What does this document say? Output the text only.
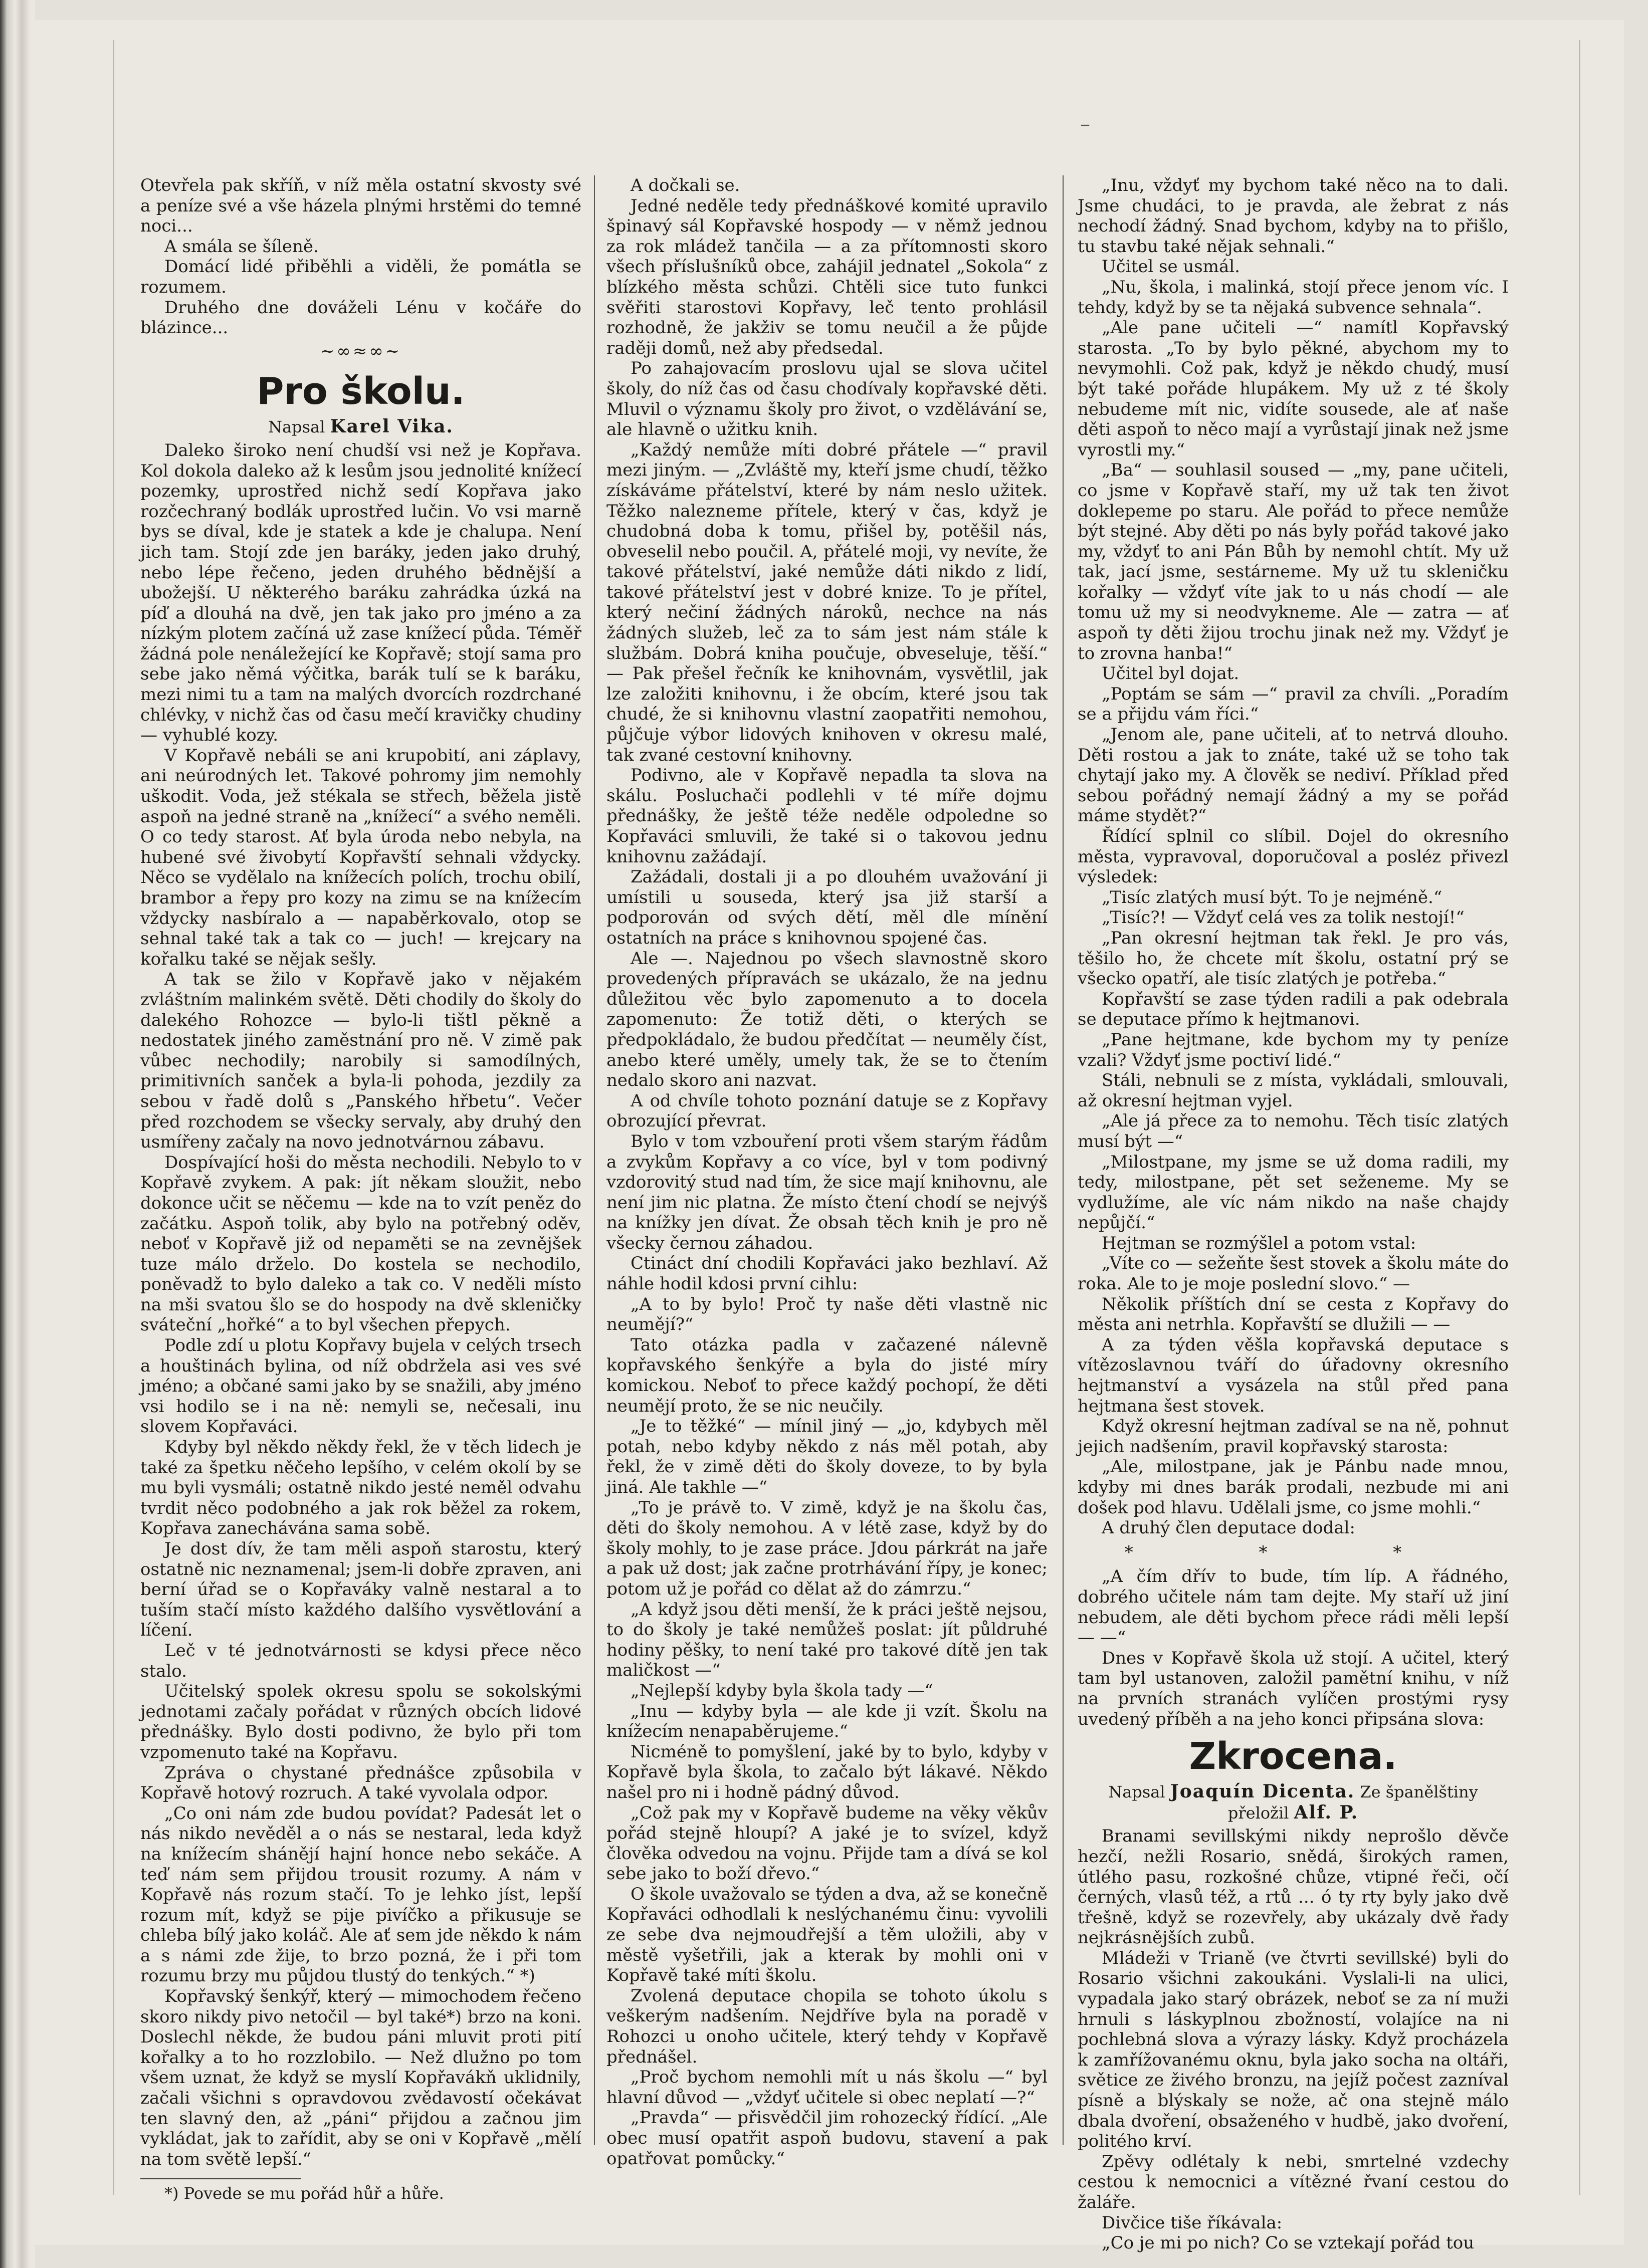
–

Otevřela pak skříň, v níž měla ostatní skvosty své a peníze své a vše házela plnými hrstěmi do temné noci...

A smála se šíleně.

Domácí lidé přiběhli a viděli, že pomátla se rozumem.

Druhého dne dováželi Lénu v kočáře do blázince...

~∞≈∞~
Pro školu.
Napsal Karel Vika.

Daleko široko není chudší vsi než je Kopřava. Kol dokola daleko až k lesům jsou jednolité knížecí pozemky, uprostřed nichž sedí Kopřava jako rozčechraný bodlák uprostřed lučin. Vo vsi marně bys se díval, kde je statek a kde je chalupa. Není jich tam. Stojí zde jen baráky, jeden jako druhý, nebo lépe řečeno, jeden druhého bědnější a ubožejší. U některého baráku zahrádka úzká na píď a dlouhá na dvě, jen tak jako pro jméno a za nízkým plotem začíná už zase knížecí půda. Téměř žádná pole nenáležející ke Kopřavě; stojí sama pro sebe jako němá výčitka, barák tulí se k baráku, mezi nimi tu a tam na malých dvorcích rozdrchané chlévky, v nichž čas od času mečí kravičky chudiny — vyhublé kozy.

V Kopřavě nebáli se ani krupobití, ani záplavy, ani neúrodných let. Takové pohromy jim nemohly uškodit. Voda, jež stékala se střech, běžela jistě aspoň na jedné straně na „knížecí“ a svého neměli. O co tedy starost. Ať byla úroda nebo nebyla, na hubené své živobytí Kopřavští sehnali vždycky. Něco se vydělalo na knížecích polích, trochu obilí, brambor a řepy pro kozy na zimu se na knížecím vždycky nasbíralo a — napaběrkovalo, otop se sehnal také tak a tak co — juch! — krejcary na kořalku také se nějak sešly.

A tak se žilo v Kopřavě jako v nějakém zvláštním malinkém světě. Děti chodily do školy do dalekého Rohozce — bylo-li tištl pěkně a nedostatek jiného zaměstnání pro ně. V zimě pak vůbec nechodily; narobily si samodílných, primitivních sanček a byla-li pohoda, jezdily za sebou v řadě dolů s „Panského hřbetu“. Večer před rozchodem se všecky servaly, aby druhý den usmířeny začaly na novo jednotvárnou zábavu.

Dospívající hoši do města nechodili. Nebylo to v Kopřavě zvykem. A pak: jít někam sloužit, nebo dokonce učit se něčemu — kde na to vzít peněz do začátku. Aspoň tolik, aby bylo na potřebný oděv, neboť v Kopřavě již od nepaměti se na zevnějšek tuze málo drželo. Do kostela se nechodilo, poněvadž to bylo daleko a tak co. V neděli místo na mši svatou šlo se do hospody na dvě skleničky sváteční „hořké“ a to byl všechen přepych.

Podle zdí u plotu Kopřavy bujela v celých trsech a houštinách bylina, od níž obdržela asi ves své jméno; a občané sami jako by se snažili, aby jméno vsi hodilo se i na ně: nemyli se, nečesali, inu slovem Kopřaváci.

Kdyby byl někdo někdy řekl, že v těch lidech je také za špetku něčeho lepšího, v celém okolí by se mu byli vysmáli; ostatně nikdo jesté neměl odvahu tvrdit něco podobného a jak rok běžel za rokem, Kopřava zanechávána sama sobě.

Je dost dív, že tam měli aspoň starostu, který ostatně nic neznamenal; jsem-li dobře zpraven, ani berní úřad se o Kopřaváky valně nestaral a to tuším stačí místo každého dalšího vysvětlování a líčení.

Leč v té jednotvárnosti se kdysi přece něco stalo.

Učitelský spolek okresu spolu se sokolskými jednotami začaly pořádat v různých obcích lidové přednášky. Bylo dosti podivno, že bylo při tom vzpomenuto také na Kopřavu.

Zpráva o chystané přednášce způsobila v Kopřavě hotový rozruch. A také vyvolala odpor.

„Co oni nám zde budou povídat? Padesát let o nás nikdo nevěděl a o nás se nestaral, leda když na knížecím shánějí hajní honce nebo sekáče. A teď nám sem přijdou trousit rozumy. A nám v Kopřavě nás rozum stačí. To je lehko jíst, lepší rozum mít, když se pije pivíčko a přikusuje se chleba bílý jako koláč. Ale ať sem jde někdo k nám a s námi zde žije, to brzo pozná, že i při tom rozumu brzy mu půjdou tlustý do tenkých.“ *)

Kopřavský šenkýř, který — mimochodem řečeno skoro nikdy pivo netočil — byl také*) brzo na koni. Doslechl někde, že budou páni mluvit proti pití kořalky a to ho rozzlobilo. — Než dlužno po tom všem uznat, že když se myslí Kopřavákň uklidnily, začali všichni s opravdovou zvědavostí očekávat ten slavný den, až „páni“ přijdou a začnou jim vykládat, jak to zařídit, aby se oni v Kopřavě „mělí na tom světě lepší.“

*) Povede se mu pořád hůř a hůře.

A dočkali se.

Jedné neděle tedy přednáškové komité upravilo špinavý sál Kopřavské hospody — v němž jednou za rok mládež tančila — a za přítomnosti skoro všech příslušníků obce, zahájil jednatel „Sokola“ z blízkého města schůzi. Chtěli sice tuto funkci svěřiti starostovi Kopřavy, leč tento prohlásil rozhodně, že jakživ se tomu neučil a že půjde raději domů, než aby předsedal.

Po zahajovacím proslovu ujal se slova učitel školy, do níž čas od času chodívaly kopřavské děti. Mluvil o významu školy pro život, o vzdělávání se, ale hlavně o užitku knih.

„Každý nemůže míti dobré přátele —“ pravil mezi jiným. — „Zvláště my, kteří jsme chudí, těžko získáváme přátelství, které by nám neslo užitek. Těžko nalezneme přítele, který v čas, když je chudobná doba k tomu, přišel by, potěšil nás, obveselil nebo poučil. A, přátelé moji, vy nevíte, že takové přátelství, jaké nemůže dáti nikdo z lidí, takové přátelství jest v dobré knize. To je přítel, který nečiní žádných nároků, nechce na nás žádných služeb, leč za to sám jest nám stále k službám. Dobrá kniha poučuje, obveseluje, těší.“ — Pak přešel řečník ke knihovnám, vysvětlil, jak lze založiti knihovnu, i že obcím, které jsou tak chudé, že si knihovnu vlastní zaopatřiti nemohou, půjčuje výbor lidových knihoven v okresu malé, tak zvané cestovní knihovny.

Podivno, ale v Kopřavě nepadla ta slova na skálu. Posluchači podlehli v té míře dojmu přednášky, že ještě téže neděle odpoledne so Kopřaváci smluvili, že také si o takovou jednu knihovnu zažádají.

Zažádali, dostali ji a po dlouhém uvažování ji umístili u souseda, který jsa již starší a podporován od svých dětí, měl dle mínění ostatních na práce s knihovnou spojené čas.

Ale —. Najednou po všech slavnostně skoro provedených přípravách se ukázalo, že na jednu důležitou věc bylo zapomenuto a to docela zapomenuto: Že totiž děti, o kterých se předpokládalo, že budou předčítat — neuměly číst, anebo které uměly, umely tak, že se to čtením nedalo skoro ani nazvat.

A od chvíle tohoto poznání datuje se z Kopřavy obrozující převrat.

Bylo v tom vzbouření proti všem starým řádům a zvykům Kopřavy a co více, byl v tom podivný vzdorovitý stud nad tím, že sice mají knihovnu, ale není jim nic platna. Že místo čtení chodí se nejvýš na knížky jen dívat. Že obsah těch knih je pro ně všecky černou záhadou.

Ctináct dní chodili Kopřaváci jako bezhlaví. Až náhle hodil kdosi první cihlu:

„A to by bylo! Proč ty naše děti vlastně nic neumějí?“

Tato otázka padla v začazené nálevně kopřavského šenkýře a byla do jisté míry komickou. Neboť to přece každý pochopí, že děti neumějí proto, že se nic neučily.

„Je to těžké“ — mínil jiný — „jo, kdybych měl potah, nebo kdyby někdo z nás měl potah, aby řekl, že v zimě děti do školy doveze, to by byla jiná. Ale takhle —“

„To je právě to. V zimě, když je na školu čas, děti do školy nemohou. A v létě zase, když by do školy mohly, to je zase práce. Jdou párkrát na jaře a pak už dost; jak začne protrhávání řípy, je konec; potom už je pořád co dělat až do zámrzu.“

„A když jsou děti menší, že k práci ještě nejsou, to do školy je také nemůžeš poslat: jít půldruhé hodiny pěšky, to není také pro takové dítě jen tak maličkost —“

„Nejlepší kdyby byla škola tady —“

„Inu — kdyby byla — ale kde ji vzít. Školu na knížecím nenapaběrujeme.“

Nicméně to pomyšlení, jaké by to bylo, kdyby v Kopřavě byla škola, to začalo být lákavé. Někdo našel pro ni i hodně pádný důvod.

„Což pak my v Kopřavě budeme na věky věkův pořád stejně hloupí? A jaké je to svízel, když člověka odvedou na vojnu. Přijde tam a dívá se kol sebe jako to boží dřevo.“

O škole uvažovalo se týden a dva, až se konečně Kopřaváci odhodlali k neslýchanému činu: vyvolili ze sebe dva nejmoudřejší a těm uložili, aby v městě vyšetřili, jak a kterak by mohli oni v Kopřavě také míti školu.

Zvolená deputace chopila se tohoto úkolu s veškerým nadšením. Nejdříve byla na poradě v Rohozci u onoho učitele, který tehdy v Kopřavě přednášel.

„Proč bychom nemohli mít u nás školu —“ byl hlavní důvod — „vždyť učitele si obec neplatí —?“

„Pravda“ — přisvědčil jim rohozecký řídící. „Ale obec musí opatřit aspoň budovu, stavení a pak opatřovat pomůcky.“

„Inu, vždyť my bychom také něco na to dali. Jsme chudáci, to je pravda, ale žebrat z nás nechodí žádný. Snad bychom, kdyby na to přišlo, tu stavbu také nějak sehnali.“

Učitel se usmál.

„Nu, škola, i malinká, stojí přece jenom víc. I tehdy, když by se ta nějaká subvence sehnala“.

„Ale pane učiteli —“ namítl Kopřavský starosta. „To by bylo pěkné, abychom my to nevymohli. Což pak, když je někdo chudý, musí být také pořáde hlupákem. My už z té školy nebudeme mít nic, vidíte sousede, ale ať naše děti aspoň to něco mají a vyrůstají jinak než jsme vyrostli my.“

„Ba“ — souhlasil soused — „my, pane učiteli, co jsme v Kopřavě staří, my už tak ten život doklepeme po staru. Ale pořád to přece nemůže být stejné. Aby děti po nás byly pořád takové jako my, vždyť to ani Pán Bůh by nemohl chtít. My už tak, jací jsme, sestárneme. My už tu skleničku kořalky — vždyť víte jak to u nás chodí — ale tomu už my si neodvykneme. Ale — zatra — ať aspoň ty děti žijou trochu jinak než my. Vždyť je to zrovna hanba!“

Učitel byl dojat.

„Poptám se sám —“ pravil za chvíli. „Poradím se a přijdu vám říci.“

„Jenom ale, pane učiteli, ať to netrvá dlouho. Děti rostou a jak to znáte, také už se toho tak chytají jako my. A člověk se nediví. Příklad před sebou pořádný nemají žádný a my se pořád máme stydět?“

Řídící splnil co slíbil. Dojel do okresního města, vypravoval, doporučoval a posléz přivezl výsledek:

„Tisíc zlatých musí být. To je nejméně.“

„Tisíc?! — Vždyť celá ves za tolik nestojí!“

„Pan okresní hejtman tak řekl. Je pro vás, těšilo ho, že chcete mít školu, ostatní prý se všecko opatří, ale tisíc zlatých je potřeba.“

Kopřavští se zase týden radili a pak odebrala se deputace přímo k hejtmanovi.

„Pane hejtmane, kde bychom my ty peníze vzali? Vždyť jsme poctiví lidé.“

Stáli, nebnuli se z místa, vykládali, smlouvali, až okresní hejtman vyjel.

„Ale já přece za to nemohu. Těch tisíc zlatých musí být —“

„Milostpane, my jsme se už doma radili, my tedy, milostpane, pět set seženeme. My se vydlužíme, ale víc nám nikdo na naše chajdy nepůjčí.“

Hejtman se rozmýšlel a potom vstal:

„Víte co — sežeňte šest stovek a školu máte do roka. Ale to je moje poslední slovo.“ —

Několik příštích dní se cesta z Kopřavy do města ani netrhla. Kopřavští se dlužili — —

A za týden věšla kopřavská deputace s vítězoslavnou tváří do úřadovny okresního hejtmanství a vysázela na stůl před pana hejtmana šest stovek.

Když okresní hejtman zadíval se na ně, pohnut jejich nadšením, pravil kopřavský starosta:

„Ale, milostpane, jak je Pánbu nade mnou, kdyby mi dnes barák prodali, nezbude mi ani došek pod hlavu. Udělali jsme, co jsme mohli.“

A druhý člen deputace dodal:

* * *

„A čím dřív to bude, tím líp. A řádného, dobrého učitele nám tam dejte. My staří už jiní nebudem, ale děti bychom přece rádi měli lepší — —“

Dnes v Kopřavě škola už stojí. A učitel, který tam byl ustanoven, založil pamětní knihu, v níž na prvních stranách vylíčen prostými rysy uvedený příběh a na jeho konci připsána slova:

Zkrocena.
Napsal Joaquín Dicenta. Ze španělštiny přeložil Alf. P.

Branami sevillskými nikdy neprošlo děvče hezčí, nežli Rosario, snědá, širokých ramen, útlého pasu, rozkošné chůze, vtipné řeči, očí černých, vlasů též, a rtů ... ó ty rty byly jako dvě třešně, když se rozevřely, aby ukázaly dvě řady nejkrásnějších zubů.

Mládeži v Trianě (ve čtvrti sevillské) byli do Rosario všichni zakoukáni. Vyslali-li na ulici, vypadala jako starý obrázek, neboť se za ní muži hrnuli s láskyplnou zbožností, volajíce na ni pochlebná slova a výrazy lásky. Když procházela k zamřížovanému oknu, byla jako socha na oltáři, světice ze živého bronzu, na jejíž počest zazníval písně a blýskaly se nože, ač ona stejně málo dbala dvoření, obsaženého v hudbě, jako dvoření, politého krví.

Zpěvy odlétaly k nebi, smrtelné vzdechy cestou k nemocnici a vítězné řvaní cestou do žaláře.

Divčice tiše říkávala:

„Co je mi po nich? Co se vztekají pořád tou
